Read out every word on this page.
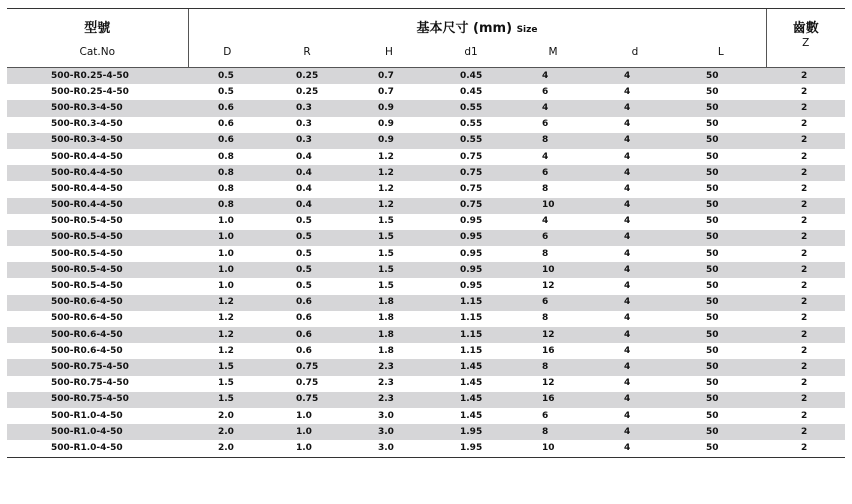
型號	基本尺寸 (mm) Size							齒數
Cat.No	D	R	H	d1	M	d	L	Z
500-R0.25-4-50	0.5	0.25	0.7	0.45	4	4	50	2
500-R0.25-4-50	0.5	0.25	0.7	0.45	6	4	50	2
500-R0.3-4-50	0.6	0.3	0.9	0.55	4	4	50	2
500-R0.3-4-50	0.6	0.3	0.9	0.55	6	4	50	2
500-R0.3-4-50	0.6	0.3	0.9	0.55	8	4	50	2
500-R0.4-4-50	0.8	0.4	1.2	0.75	4	4	50	2
500-R0.4-4-50	0.8	0.4	1.2	0.75	6	4	50	2
500-R0.4-4-50	0.8	0.4	1.2	0.75	8	4	50	2
500-R0.4-4-50	0.8	0.4	1.2	0.75	10	4	50	2
500-R0.5-4-50	1.0	0.5	1.5	0.95	4	4	50	2
500-R0.5-4-50	1.0	0.5	1.5	0.95	6	4	50	2
500-R0.5-4-50	1.0	0.5	1.5	0.95	8	4	50	2
500-R0.5-4-50	1.0	0.5	1.5	0.95	10	4	50	2
500-R0.5-4-50	1.0	0.5	1.5	0.95	12	4	50	2
500-R0.6-4-50	1.2	0.6	1.8	1.15	6	4	50	2
500-R0.6-4-50	1.2	0.6	1.8	1.15	8	4	50	2
500-R0.6-4-50	1.2	0.6	1.8	1.15	12	4	50	2
500-R0.6-4-50	1.2	0.6	1.8	1.15	16	4	50	2
500-R0.75-4-50	1.5	0.75	2.3	1.45	8	4	50	2
500-R0.75-4-50	1.5	0.75	2.3	1.45	12	4	50	2
500-R0.75-4-50	1.5	0.75	2.3	1.45	16	4	50	2
500-R1.0-4-50	2.0	1.0	3.0	1.45	6	4	50	2
500-R1.0-4-50	2.0	1.0	3.0	1.95	8	4	50	2
500-R1.0-4-50	2.0	1.0	3.0	1.95	10	4	50	2
